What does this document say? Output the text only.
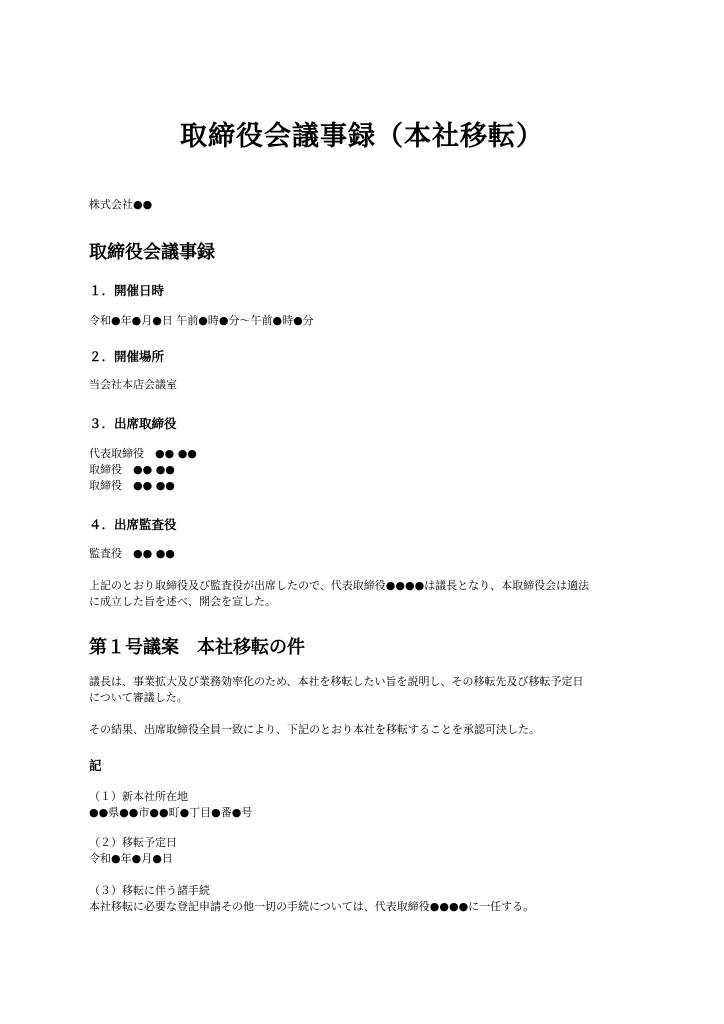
取締役会議事録（本社移転）
株式会社●●
取締役会議事録
１．開催日時

令和●年●月●日 午前●時●分～午前●時●分

２．開催場所

当会社本店会議室

３．出席取締役
代表取締役　●● ●●
取締役　●● ●●
取締役　●● ●●
４．出席監査役

監査役　●● ●●

上記のとおり取締役及び監査役が出席したので、代表取締役●●●●は議長となり、本取締役会は適法
に成立した旨を述べ、開会を宣した。
第１号議案　本社移転の件
議長は、事業拡大及び業務効率化のため、本社を移転したい旨を説明し、その移転先及び移転予定日
について審議した。

その結果、出席取締役全員一致により、下記のとおり本社を移転することを承認可決した。

記
（１）新本社所在地
●●県●●市●●町●丁目●番●号
（２）移転予定日
令和●年●月●日
（３）移転に伴う諸手続
本社移転に必要な登記申請その他一切の手続については、代表取締役●●●●に一任する。
